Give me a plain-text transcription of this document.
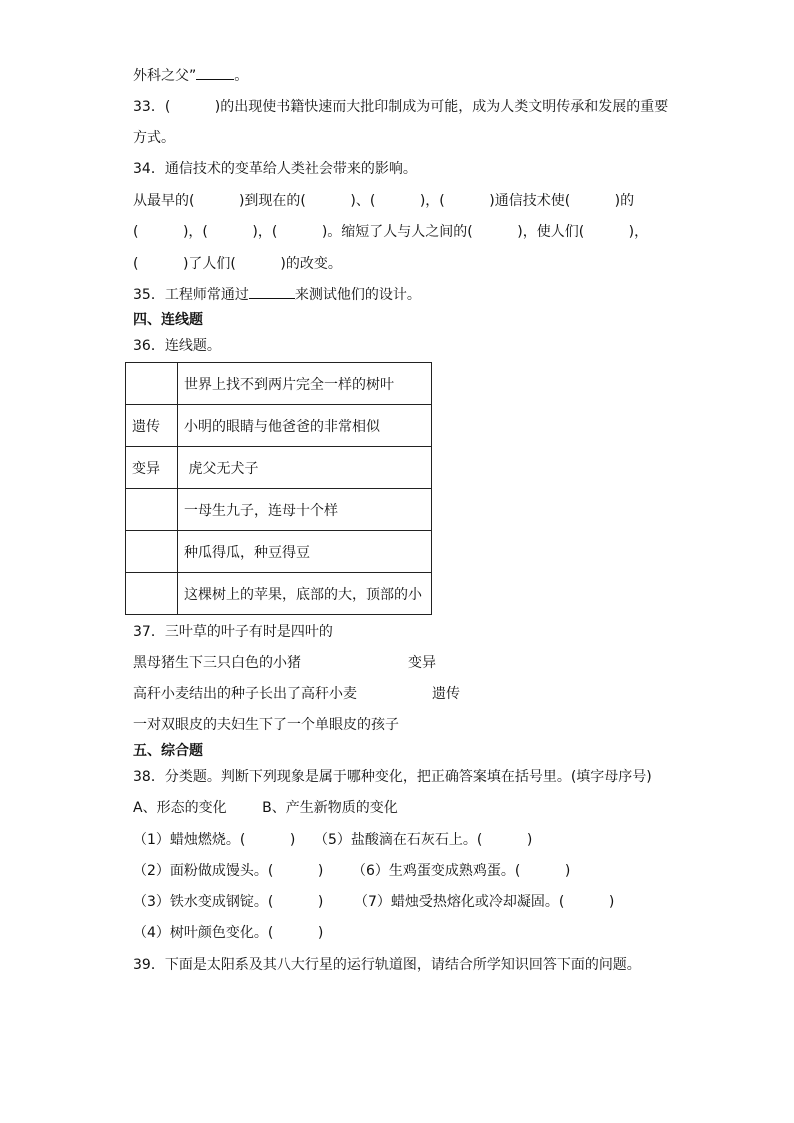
外科之父”	。
33．(          )的出现使书籍快速而大批印制成为可能，成为人类文明传承和发展的重要
方式。
34．通信技术的变革给人类社会带来的影响。
从最早的(          )到现在的(          )、(          )，(          )通信技术使(          )的
(          )，(          )，(          )。缩短了人与人之间的(          )，使人们(          )，
(          )了人们(          )的改变。
35．工程师常通过	来测试他们的设计。
四、连线题
36．连线题。
	世界上找不到两片完全一样的树叶
遗传	小明的眼睛与他爸爸的非常相似
变异	虎父无犬子
	一母生九子，连母十个样
	种瓜得瓜，种豆得豆
	这棵树上的苹果，底部的大，顶部的小
37．三叶草的叶子有时是四叶的
黑母猪生下三只白色的小猪	变异
高秆小麦结出的种子长出了高秆小麦	遗传
一对双眼皮的夫妇生下了一个单眼皮的孩子
五、综合题
38．分类题。判断下列现象是属于哪种变化，把正确答案填在括号里。(填字母序号)
A、形态的变化        B、产生新物质的变化
（1）蜡烛燃烧。(          ) （5）盐酸滴在石灰石上。(          )
（2）面粉做成馒头。(          ) （6）生鸡蛋变成熟鸡蛋。(          )
（3）铁水变成钢锭。(          ) （7）蜡烛受热熔化或冷却凝固。(          )
（4）树叶颜色变化。(          )
39．下面是太阳系及其八大行星的运行轨道图，请结合所学知识回答下面的问题。
